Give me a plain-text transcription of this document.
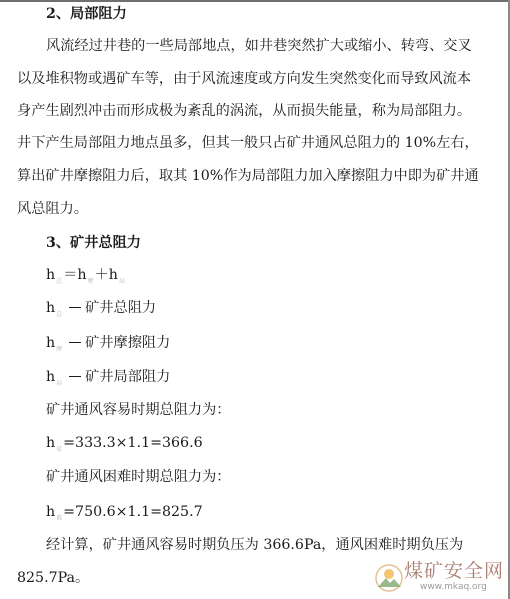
2、局部阻力
风流经过井巷的一些局部地点，如井巷突然扩大或缩小、转弯、交叉
以及堆积物或遇矿车等，由于风流速度或方向发生突然变化而导致风流本
身产生剧烈冲击而形成极为紊乱的涡流，从而损失能量，称为局部阻力。
井下产生局部阻力地点虽多，但其一般只占矿井通风总阻力的 10%左右，
算出矿井摩擦阻力后，取其 10%作为局部阻力加入摩擦阻力中即为矿井通
风总阻力。
3、矿井总阻力
$h_总=h_摩+h_局$
$h_总$ 矿井总阻力
$h_摩$ 矿井摩擦阻力
$h_局$ 矿井局部阻力
矿井通风容易时期总阻力为：
$h_易=333.3\times 1.1=366.6$
矿井通风困难时期总阻力为：
$h_难=750.6\times 1.1=825.7$
经计算，矿井通风容易时期负压为 366.6Pa，通风困难时期负压为
825.7Pa。	煤矿安全网
www.mkaq.org
